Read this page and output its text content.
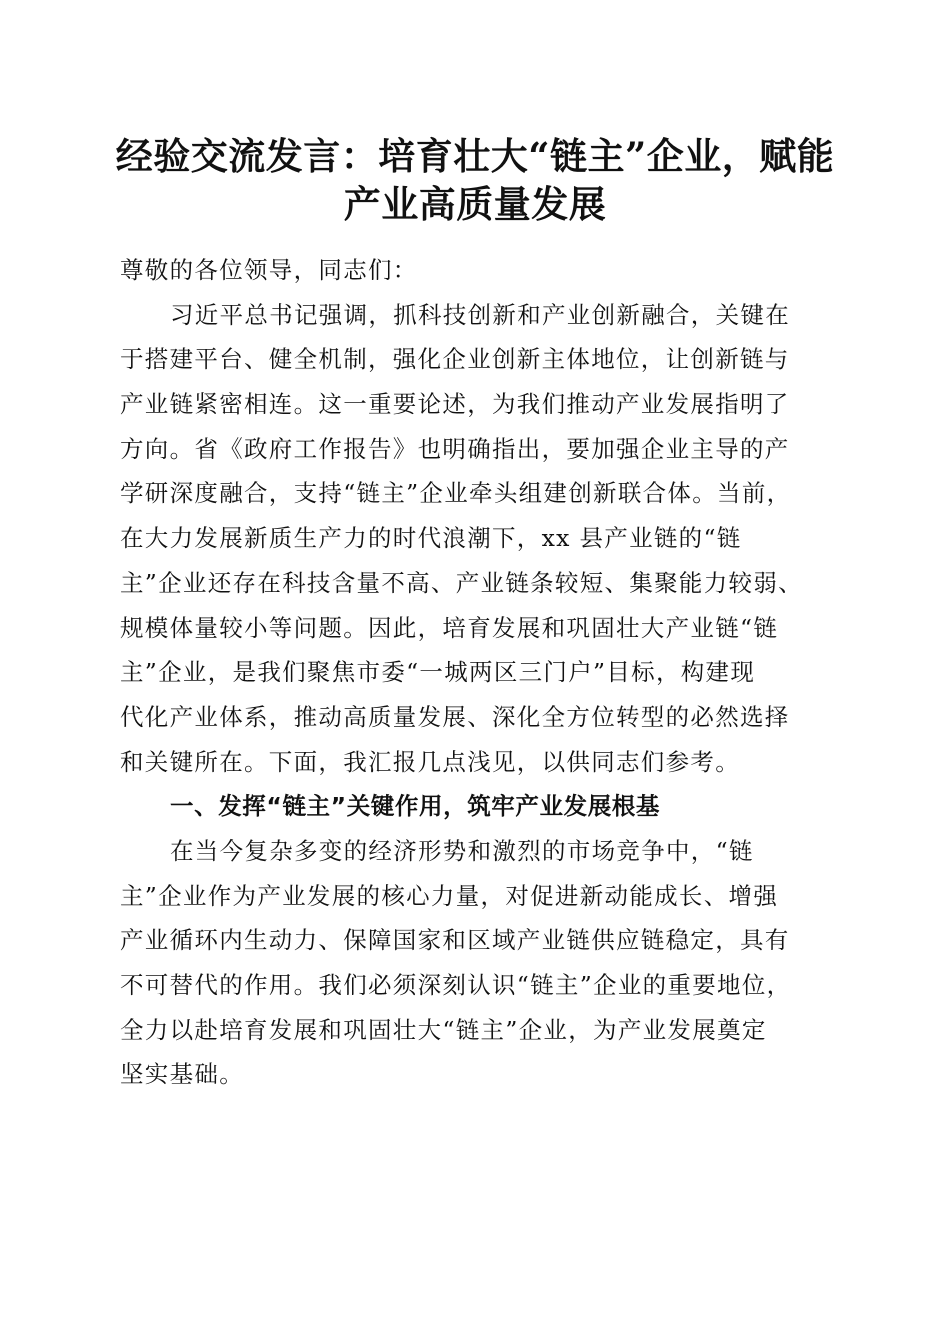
经验交流发言：培育壮大“链主”企业，赋能
产业高质量发展
尊敬的各位领导，同志们：
习近平总书记强调，抓科技创新和产业创新融合，关键在
于搭建平台、健全机制，强化企业创新主体地位，让创新链与
产业链紧密相连。这一重要论述，为我们推动产业发展指明了
方向。省《政府工作报告》也明确指出，要加强企业主导的产
学研深度融合，支持“链主”企业牵头组建创新联合体。当前，
在大力发展新质生产力的时代浪潮下，xx 县产业链的“链
主”企业还存在科技含量不高、产业链条较短、集聚能力较弱、
规模体量较小等问题。因此，培育发展和巩固壮大产业链“链
主”企业，是我们聚焦市委“一城两区三门户”目标，构建现
代化产业体系，推动高质量发展、深化全方位转型的必然选择
和关键所在。下面，我汇报几点浅见，以供同志们参考。
一、发挥“链主”关键作用，筑牢产业发展根基
在当今复杂多变的经济形势和激烈的市场竞争中，“链
主”企业作为产业发展的核心力量，对促进新动能成长、增强
产业循环内生动力、保障国家和区域产业链供应链稳定，具有
不可替代的作用。我们必须深刻认识“链主”企业的重要地位，
全力以赴培育发展和巩固壮大“链主”企业，为产业发展奠定
坚实基础。
